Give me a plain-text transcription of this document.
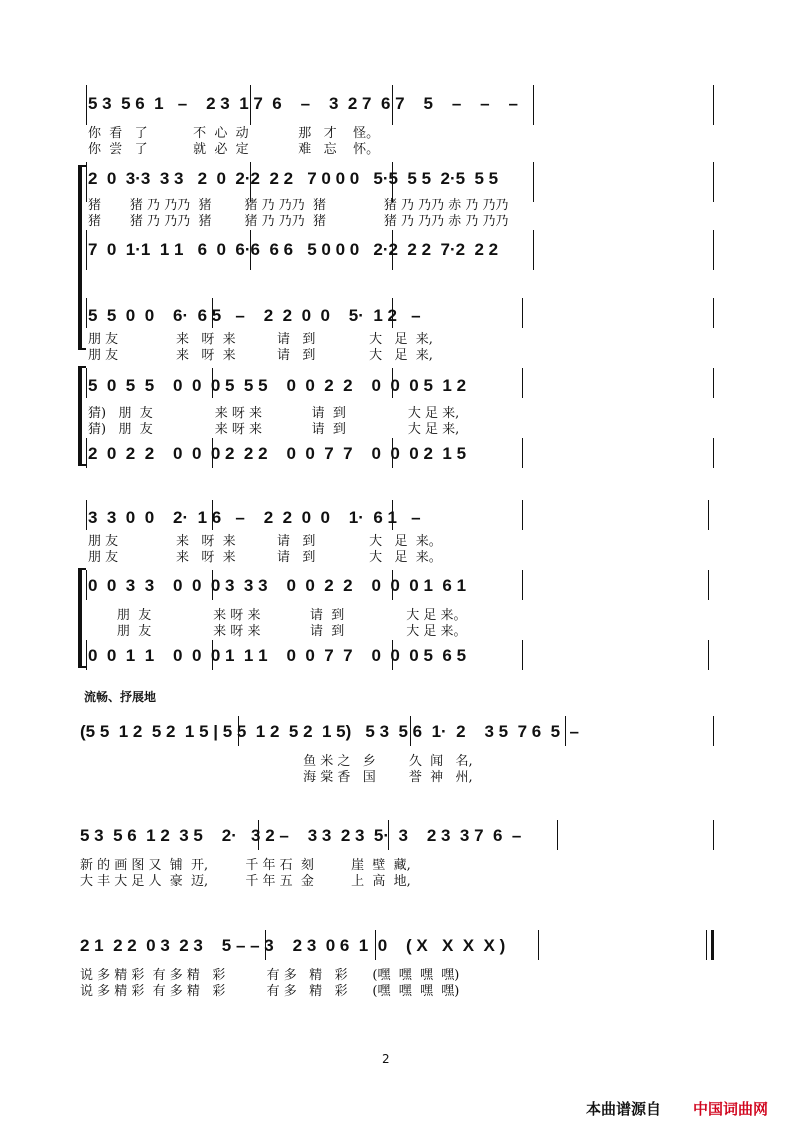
5 3  5 6  1   –    2 3  1 7  6    –    3  2 7  6 7    5    –    –    –
你  看   了           不  心  动            那   才    怪。
你  尝   了           就  必  定            难   忘    怀。
2  0  3·3  3 3   2  0  2·2  2 2   7 0 0 0   5·5  5 5  2·5  5 5
猪       猪 乃 乃乃  猪        猪 乃 乃乃  猪              猪 乃 乃乃 赤 乃 乃乃
猪       猪 乃 乃乃  猪        猪 乃 乃乃  猪              猪 乃 乃乃 赤 乃 乃乃
7  0  1·1  1 1   6  0  6·6  6 6   5 0 0 0   2·2  2 2  7·2  2 2
5  5  0  0    6·  6 5   –    2  2  0  0    5·  1 2   –
朋 友              来   呀  来          请   到             大   足  来,
朋 友              来   呀  来          请   到             大   足  来,
5  0  5  5    0  0  0 5  5 5    0  0  2  2    0  0  0 5  1 2
猜)   朋  友               来 呀 来            请  到               大 足 来,
猜)   朋  友               来 呀 来            请  到               大 足 来,
2  0  2  2    0  0  0 2  2 2    0  0  7  7    0  0  0 2  1 5
3  3  0  0    2·  1 6   –    2  2  0  0    1·  6 1   –
朋 友              来   呀  来          请   到             大   足  来。
朋 友              来   呀  来          请   到             大   足  来。
0  0  3  3    0  0  0 3  3 3    0  0  2  2    0  0  0 1  6 1
朋  友               来 呀 来            请  到               大 足 来。
朋  友               来 呀 来            请  到               大 足 来。
0  0  1  1    0  0  0 1  1 1    0  0  7  7    0  0  0 5  6 5
流畅、抒展地
(5 5  1 2  5 2  1 5 | 5 5  1 2  5 2  1 5)   5 3  5 6  1·  2    3 5  7 6  5  –
鱼 米 之   乡        久  闻   名,
海 棠 香   国        誉  神   州,
5 3  5 6  1 2  3 5    2·   3 2 –    3 3  2 3  5·  3    2 3  3 7  6  –
新 的 画 图 又  铺  开,         千 年 石  刻         崖  壁  藏,
大 丰 大 足 人  豪  迈,         千 年 五  金         上  高  地,
2 1  2 2  0 3  2 3    5 – – 3    2 3  0 6  1  0    ( X   X  X  X )
说 多 精 彩  有 多 精   彩          有 多   精   彩      (嘿  嘿  嘿  嘿)
说 多 精 彩  有 多 精   彩          有 多   精   彩      (嘿  嘿  嘿  嘿)
2
本曲谱源自 中国词曲网
